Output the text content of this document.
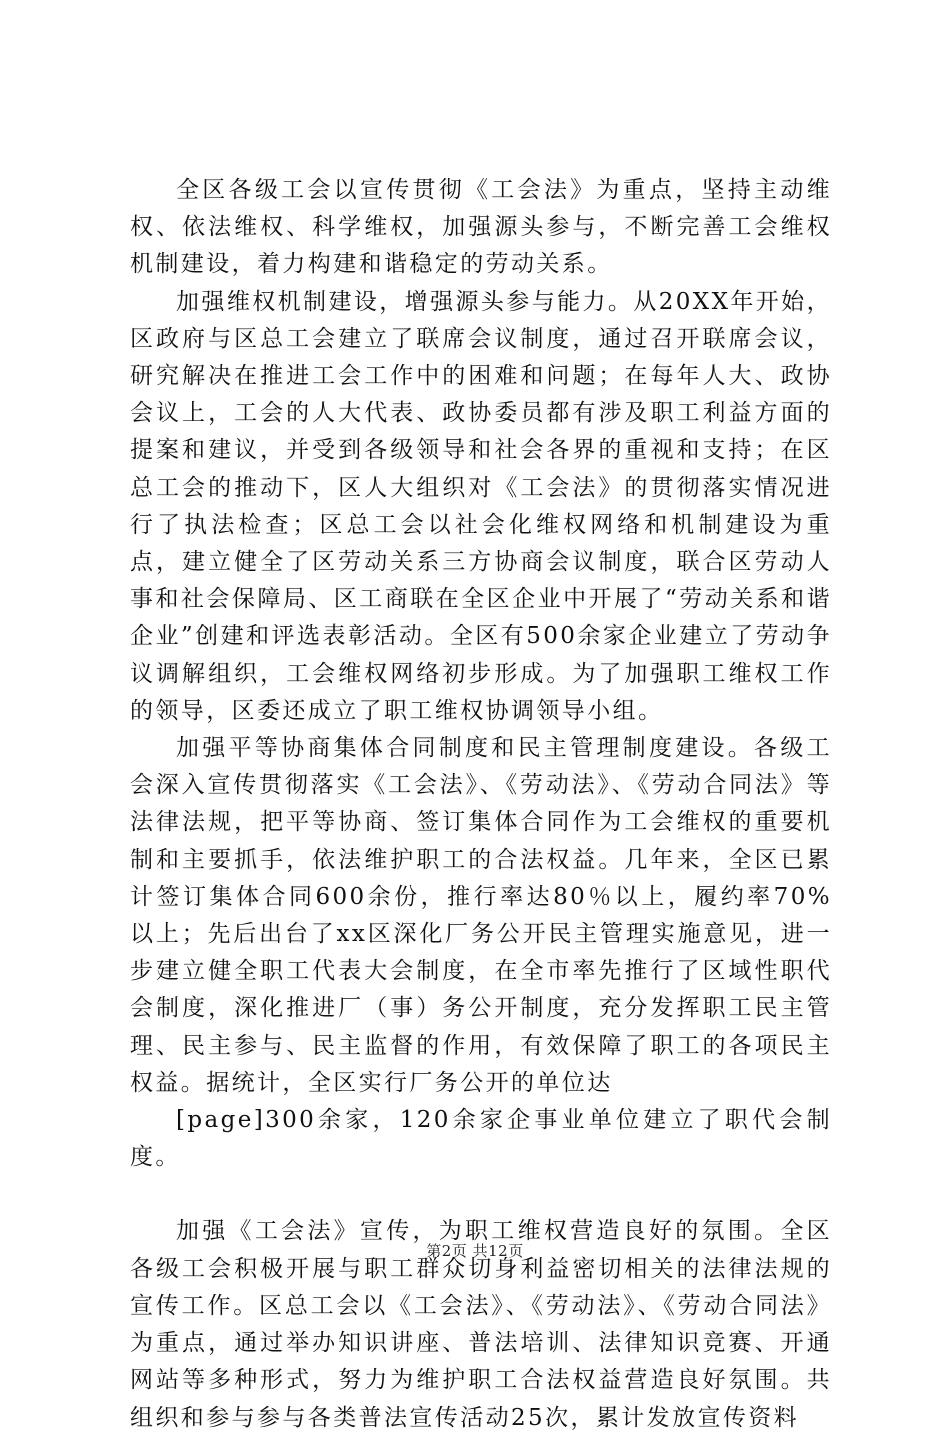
全区各级工会以宣传贯彻《工会法》为重点，坚持主动维权、依法维权、科学维权，加强源头参与，不断完善工会维权机制建设，着力构建和谐稳定的劳动关系。

加强维权机制建设，增强源头参与能力。从20XX年开始，区政府与区总工会建立了联席会议制度，通过召开联席会议，研究解决在推进工会工作中的困难和问题；在每年人大、政协会议上，工会的人大代表、政协委员都有涉及职工利益方面的提案和建议，并受到各级领导和社会各界的重视和支持；在区总工会的推动下，区人大组织对《工会法》的贯彻落实情况进行了执法检查；区总工会以社会化维权网络和机制建设为重点，建立健全了区劳动关系三方协商会议制度，联合区劳动人事和社会保障局、区工商联在全区企业中开展了“劳动关系和谐企业”创建和评选表彰活动。全区有500余家企业建立了劳动争议调解组织，工会维权网络初步形成。为了加强职工维权工作的领导，区委还成立了职工维权协调领导小组。

加强平等协商集体合同制度和民主管理制度建设。各级工会深入宣传贯彻落实《工会法》、《劳动法》、《劳动合同法》等法律法规，把平等协商、签订集体合同作为工会维权的重要机制和主要抓手，依法维护职工的合法权益。几年来，全区已累计签订集体合同600余份，推行率达80％以上，履约率70%以上；先后出台了xx区深化厂务公开民主管理实施意见，进一步建立健全职工代表大会制度，在全市率先推行了区域性职代会制度，深化推进厂（事）务公开制度，充分发挥职工民主管理、民主参与、民主监督的作用，有效保障了职工的各项民主权益。据统计，全区实行厂务公开的单位达

[page]300余家，120余家企事业单位建立了职代会制度。

加强《工会法》宣传，为职工维权营造良好的氛围。全区各级工会积极开展与职工群众切身利益密切相关的法律法规的宣传工作。区总工会以《工会法》、《劳动法》、《劳动合同法》为重点，通过举办知识讲座、普法培训、法律知识竞赛、开通网站等多种形式，努力为维护职工合法权益营造良好氛围。共组织和参与参与各类普法宣传活动25次，累计发放宣传资料

第2页 共12页
